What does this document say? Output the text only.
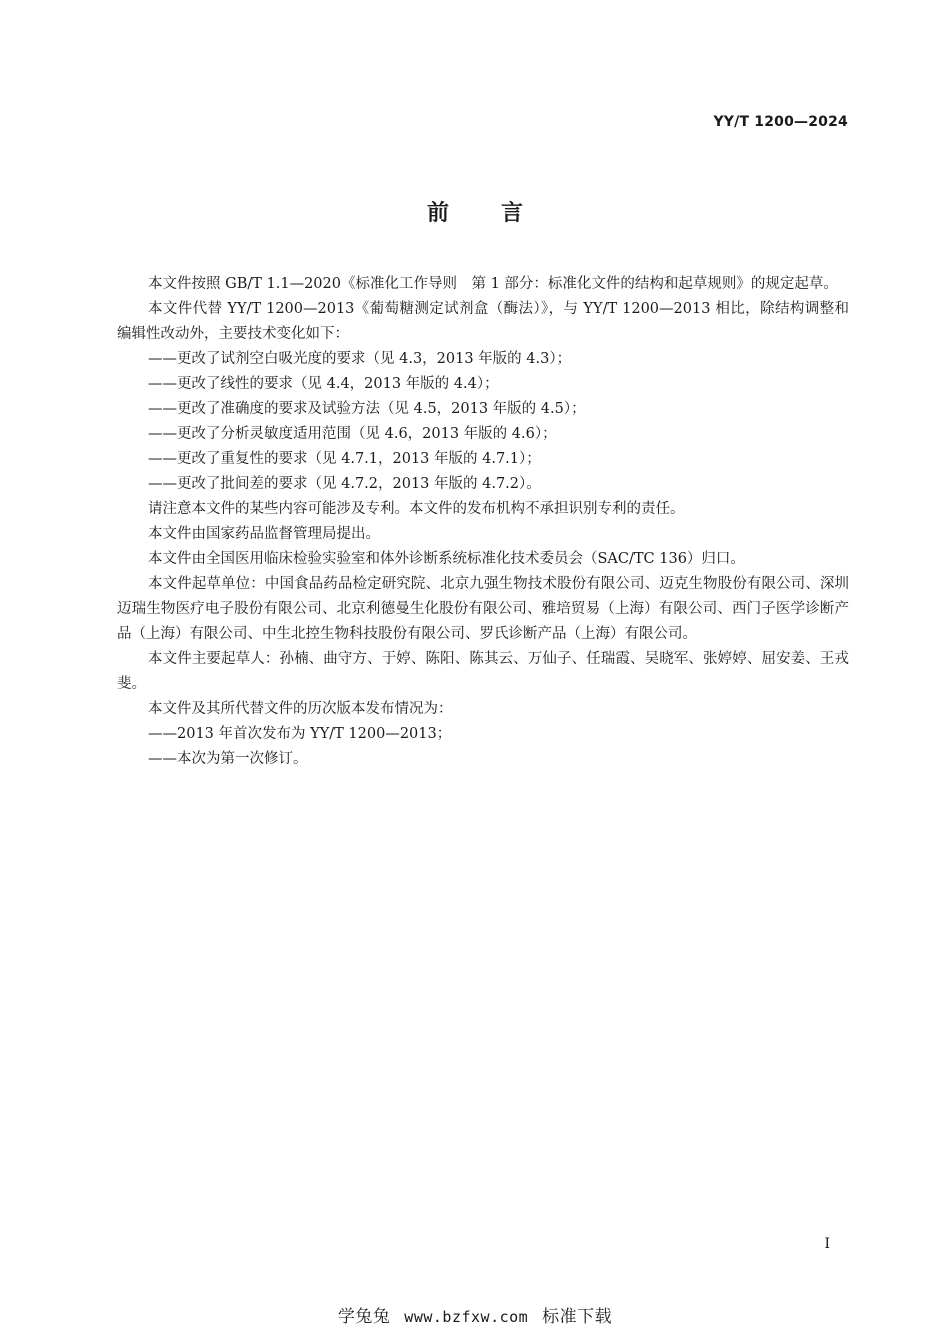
YY/T 1200—2024
前 言

本文件按照 GB/T 1.1—2020《标准化工作导则　第 1 部分：标准化文件的结构和起草规则》的规定起草。

本文件代替 YY/T 1200—2013《葡萄糖测定试剂盒（酶法）》，与 YY/T 1200—2013 相比，除结构调整和编辑性改动外，主要技术变化如下：

——更改了试剂空白吸光度的要求（见 4.3，2013 年版的 4.3）；

——更改了线性的要求（见 4.4，2013 年版的 4.4）；

——更改了准确度的要求及试验方法（见 4.5，2013 年版的 4.5）；

——更改了分析灵敏度适用范围（见 4.6，2013 年版的 4.6）；

——更改了重复性的要求（见 4.7.1，2013 年版的 4.7.1）；

——更改了批间差的要求（见 4.7.2，2013 年版的 4.7.2）。

请注意本文件的某些内容可能涉及专利。本文件的发布机构不承担识别专利的责任。

本文件由国家药品监督管理局提出。

本文件由全国医用临床检验实验室和体外诊断系统标准化技术委员会（SAC/TC 136）归口。

本文件起草单位：中国食品药品检定研究院、北京九强生物技术股份有限公司、迈克生物股份有限公司、深圳迈瑞生物医疗电子股份有限公司、北京利德曼生化股份有限公司、雅培贸易（上海）有限公司、西门子医学诊断产品（上海）有限公司、中生北控生物科技股份有限公司、罗氏诊断产品（上海）有限公司。

本文件主要起草人：孙楠、曲守方、于婷、陈阳、陈其云、万仙子、任瑞霞、吴晓军、张婷婷、屈安姜、王戎斐。

本文件及其所代替文件的历次版本发布情况为：

——2013 年首次发布为 YY/T 1200—2013；

——本次为第一次修订。

I
学兔兔 www.bzfxw.com 标准下载
